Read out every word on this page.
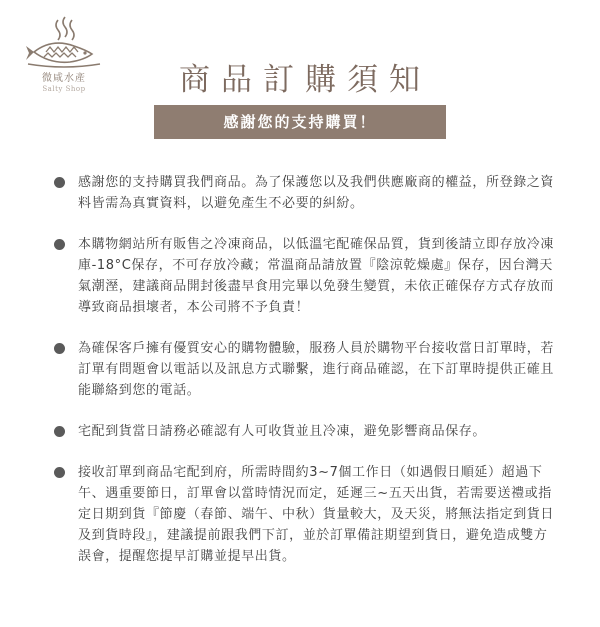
微咸水產
Salty Shop	商品訂購須知
感謝您的支持購買！
感謝您的支持購買我們商品。為了保護您以及我們供應廠商的權益，所登錄之資料皆需為真實資料，以避免產生不必要的糾紛。
本購物網站所有販售之冷凍商品，以低溫宅配確保品質，貨到後請立即存放冷凍庫-18°C保存，不可存放冷藏；常溫商品請放置『陰涼乾燥處』保存，因台灣天氣潮溼，建議商品開封後盡早食用完畢以免發生變質，未依正確保存方式存放而導致商品損壞者，本公司將不予負責！
為確保客戶擁有優質安心的購物體驗，服務人員於購物平台接收當日訂單時，若訂單有問題會以電話以及訊息方式聯繫，進行商品確認，在下訂單時提供正確且能聯絡到您的電話。
宅配到貨當日請務必確認有人可收貨並且冷凍，避免影響商品保存。
接收訂單到商品宅配到府，所需時間約3~7個工作日（如遇假日順延）超過下午、遇重要節日，訂單會以當時情況而定，延遲三~五天出貨，若需要送禮或指定日期到貨『節慶（春節、端午、中秋）貨量較大，及天災，將無法指定到貨日及到貨時段』，建議提前跟我們下訂，並於訂單備註期望到貨日，避免造成雙方誤會，提醒您提早訂購並提早出貨。
